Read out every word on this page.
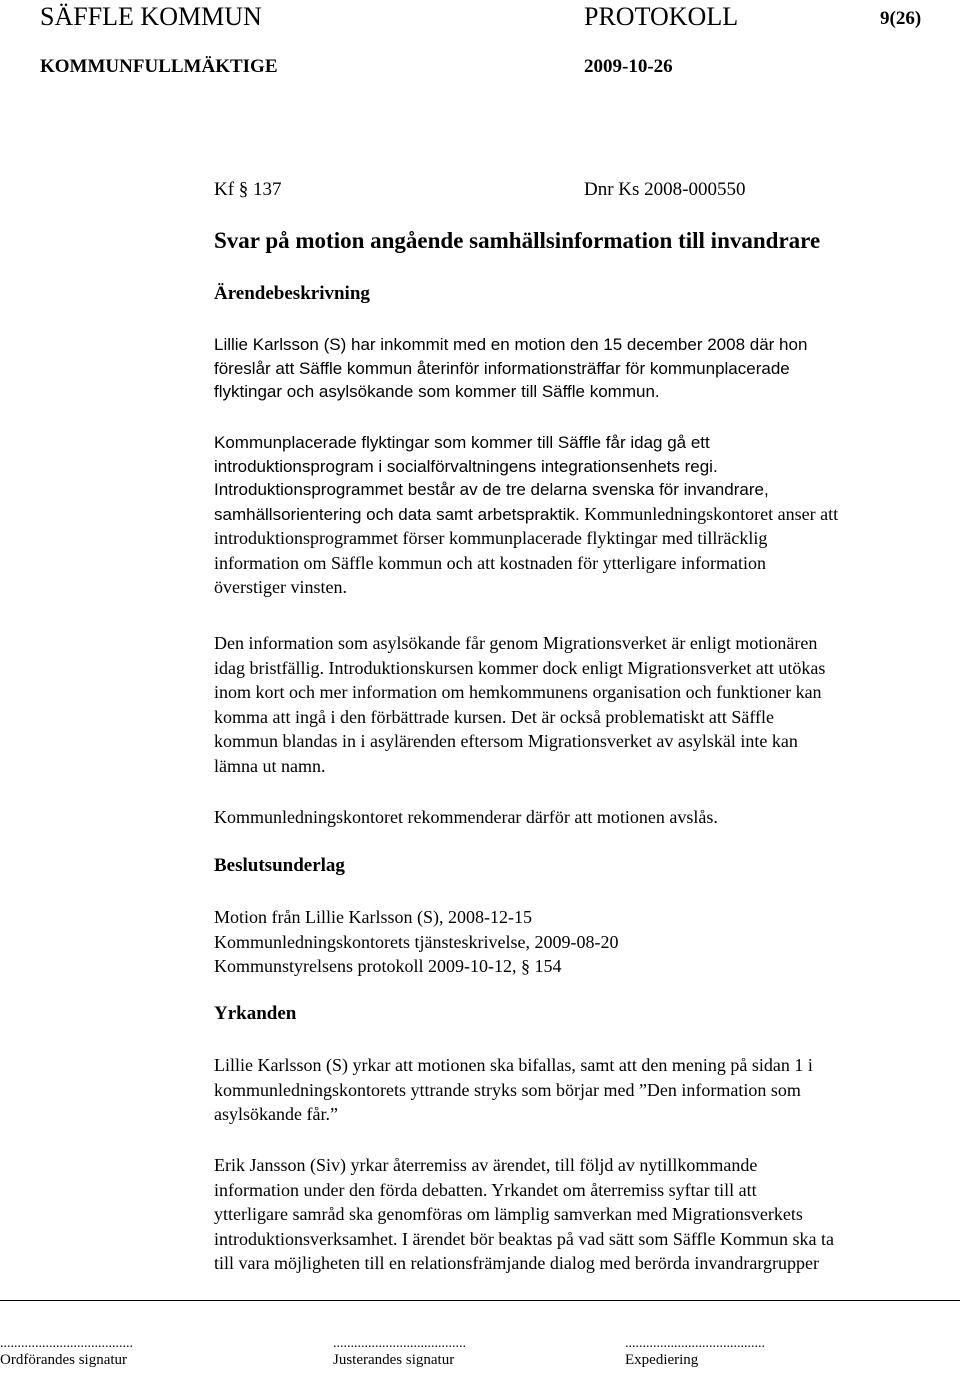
SÄFFLE KOMMUN	PROTOKOLL	9(26)
KOMMUNFULLMÄKTIGE	2009-10-26
Kf § 137	Dnr Ks 2008-000550
Svar på motion angående samhällsinformation till invandrare
Ärendebeskrivning
Lillie Karlsson (S) har inkommit med en motion den 15 december 2008 där hon
föreslår att Säffle kommun återinför informationsträffar för kommunplacerade
flyktingar och asylsökande som kommer till Säffle kommun.
Kommunplacerade flyktingar som kommer till Säffle får idag gå ett
introduktionsprogram i socialförvaltningens integrationsenhets regi.
Introduktionsprogrammet består av de tre delarna svenska för invandrare,
samhällsorientering och data samt arbetspraktik. Kommunledningskontoret anser att
introduktionsprogrammet förser kommunplacerade flyktingar med tillräcklig
information om Säffle kommun och att kostnaden för ytterligare information
överstiger vinsten.
Den information som asylsökande får genom Migrationsverket är enligt motionären
idag bristfällig. Introduktionskursen kommer dock enligt Migrationsverket att utökas
inom kort och mer information om hemkommunens organisation och funktioner kan
komma att ingå i den förbättrade kursen. Det är också problematiskt att Säffle
kommun blandas in i asylärenden eftersom Migrationsverket av asylskäl inte kan
lämna ut namn.
Kommunledningskontoret rekommenderar därför att motionen avslås.
Beslutsunderlag
Motion från Lillie Karlsson (S), 2008-12-15
Kommunledningskontorets tjänsteskrivelse, 2009-08-20
Kommunstyrelsens protokoll 2009-10-12, § 154
Yrkanden
Lillie Karlsson (S) yrkar att motionen ska bifallas, samt att den mening på sidan 1 i
kommunledningskontorets yttrande stryks som börjar med ”Den information som
asylsökande får.”
Erik Jansson (Siv) yrkar återremiss av ärendet, till följd av nytillkommande
information under den förda debatten. Yrkandet om återremiss syftar till att
ytterligare samråd ska genomföras om lämplig samverkan med Migrationsverkets
introduktionsverksamhet. I ärendet bör beaktas på vad sätt som Säffle Kommun ska ta
till vara möjligheten till en relationsfrämjande dialog med berörda invandrargrupper
......................................	......................................	........................................
Ordförandes signatur	Justerandes signatur	Expediering
